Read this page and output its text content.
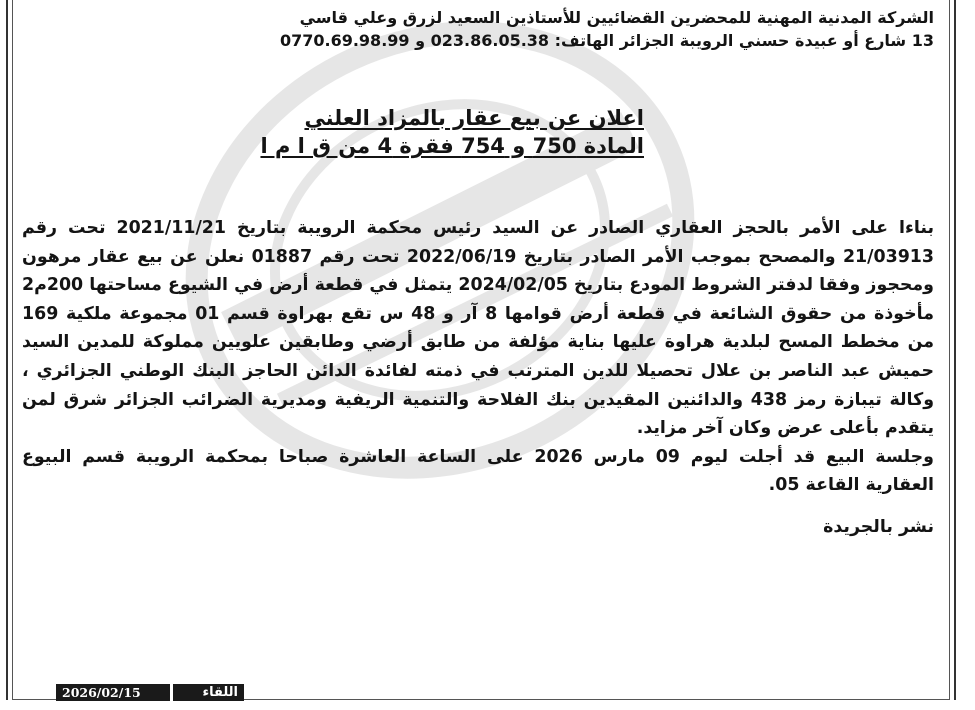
الشركة المدنية المهنية للمحضرين القضائيين للأستاذين السعيد لزرق وعلي قاسي

13 شارع أو عبيدة حسني الرويبة الجزائر الهاتف: 023.86.05.38 و 0770.69.98.99

اعلان عن بيع عقار بالمزاد العلني
المادة 750 و 754 فقرة 4 من ق ا م ا
بناءا على الأمر بالحجز العقاري الصادر عن السيد رئيس محكمة الرويبة بتاريخ 2021/11/21 تحت رقم 21/03913 والمصحح بموجب الأمر الصادر بتاريخ 2022/06/19 تحت رقم 01887 نعلن عن بيع عقار مرهون ومحجوز وفقا لدفتر الشروط المودع بتاريخ 2024/02/05 يتمثل في قطعة أرض في الشيوع مساحتها 200م2 مأخوذة من حقوق الشائعة في قطعة أرض قوامها 8 آر و 48 س تقع بهراوة قسم 01 مجموعة ملكية 169 من مخطط المسح لبلدية هراوة عليها بناية مؤلفة من طابق أرضي وطابقين علويين مملوكة للمدين السيد حميش عبد الناصر بن علال تحصيلا للدين المترتب في ذمته لفائدة الدائن الحاجز البنك الوطني الجزائري ، وكالة تيبازة رمز 438 والدائنين المقيدين بنك الفلاحة والتنمية الريفية ومديرية الضرائب الجزائر شرق لمن يتقدم بأعلى عرض وكان آخر مزايد.
وجلسة البيع قد أجلت ليوم 09 مارس 2026 على الساعة العاشرة صباحا بمحكمة الرويبة قسم البيوع العقارية القاعة 05.
نشر بالجريدة
2026/02/15	اللقاء
